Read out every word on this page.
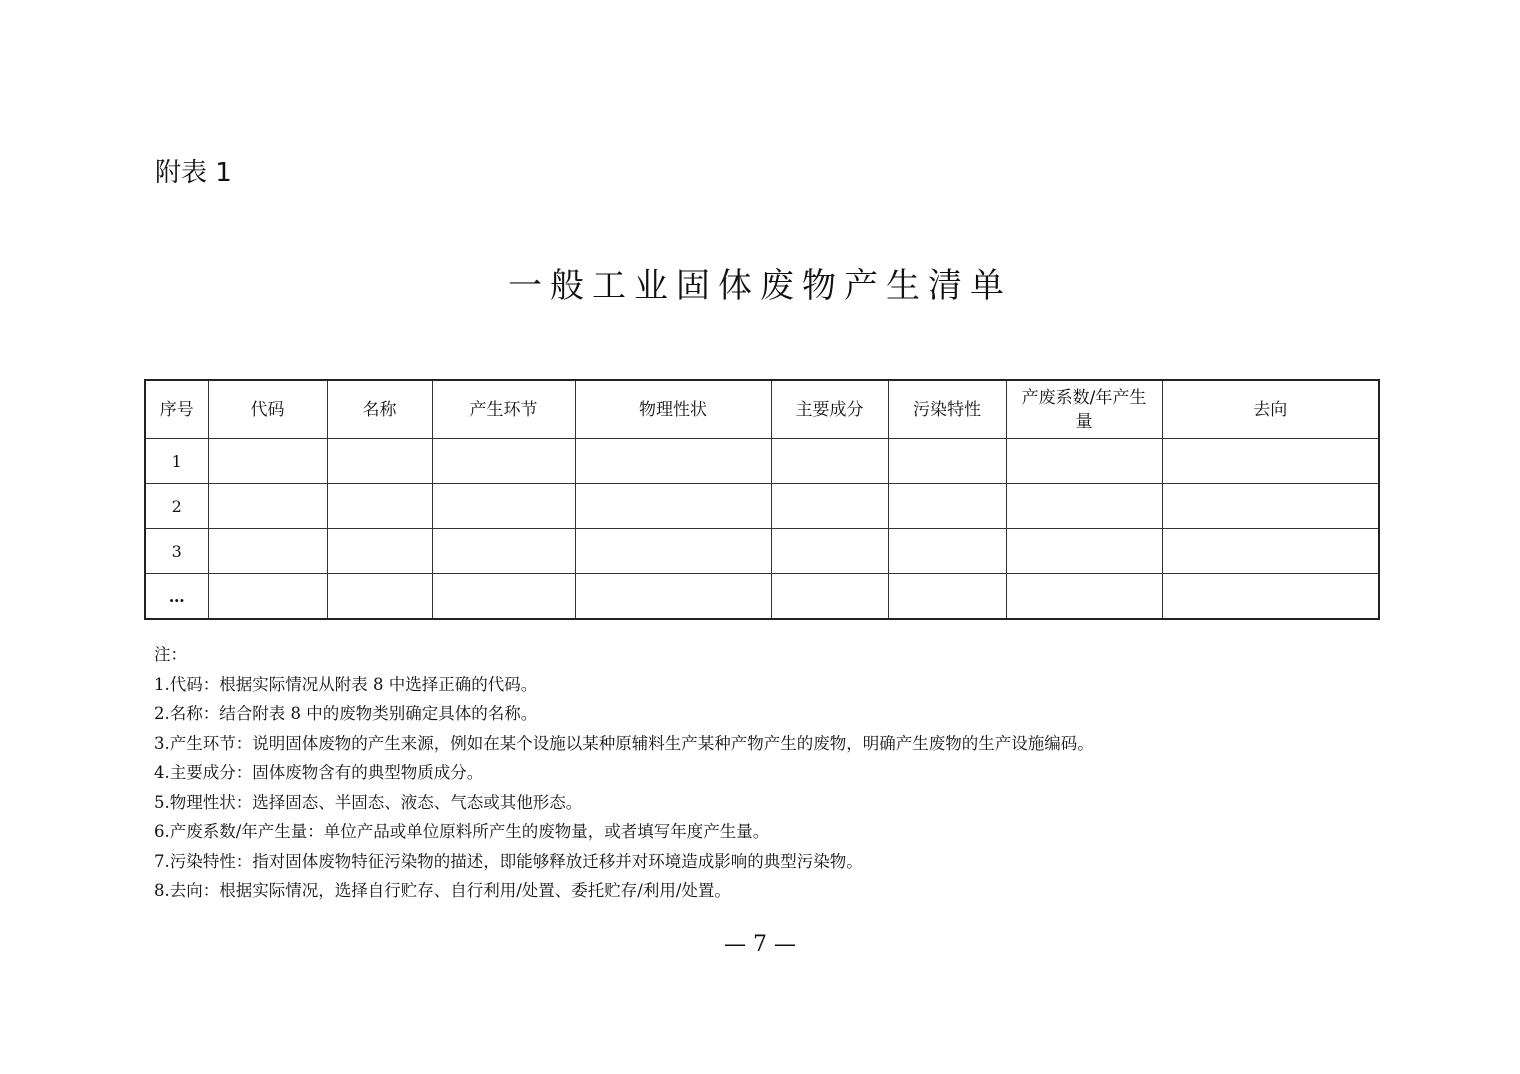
附表 1
一般工业固体废物产生清单
序号	代码	名称	产生环节	物理性状	主要成分	污染特性	产废系数/年产生量	去向
1								
2								
3								
…								
注：
1.代码：根据实际情况从附表 8 中选择正确的代码。
2.名称：结合附表 8 中的废物类别确定具体的名称。
3.产生环节：说明固体废物的产生来源，例如在某个设施以某种原辅料生产某种产物产生的废物，明确产生废物的生产设施编码。
4.主要成分：固体废物含有的典型物质成分。
5.物理性状：选择固态、半固态、液态、气态或其他形态。
6.产废系数/年产生量：单位产品或单位原料所产生的废物量，或者填写年度产生量。
7.污染特性：指对固体废物特征污染物的描述，即能够释放迁移并对环境造成影响的典型污染物。
8.去向：根据实际情况，选择自行贮存、自行利用/处置、委托贮存/利用/处置。
— 7 —
